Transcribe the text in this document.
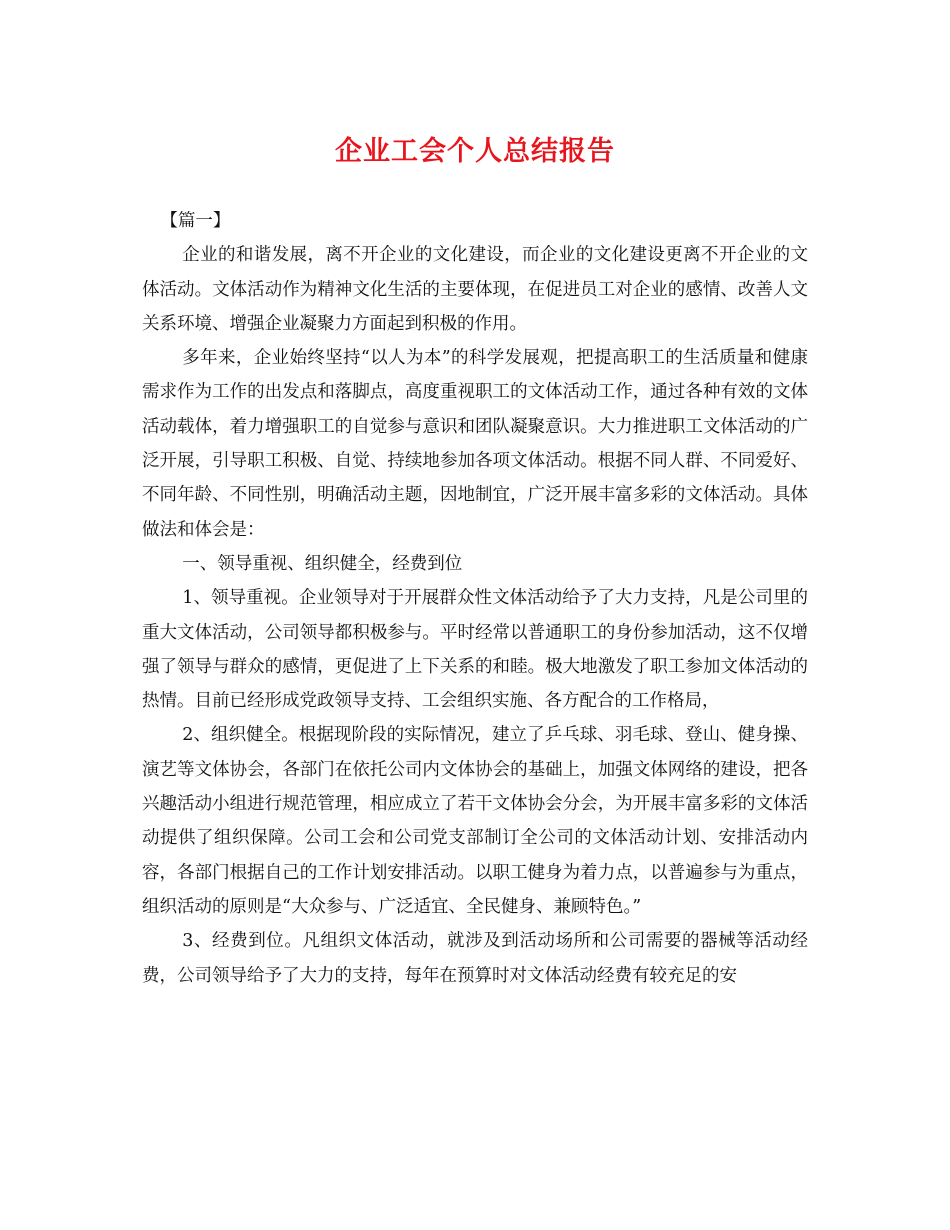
企业工会个人总结报告

【篇一】

企业的和谐发展，离不开企业的文化建设，而企业的文化建设更离不开企业的文体活动。文体活动作为精神文化生活的主要体现，在促进员工对企业的感情、改善人文关系环境、增强企业凝聚力方面起到积极的作用。

多年来，企业始终坚持“以人为本”的科学发展观，把提高职工的生活质量和健康需求作为工作的出发点和落脚点，高度重视职工的文体活动工作，通过各种有效的文体活动载体，着力增强职工的自觉参与意识和团队凝聚意识。大力推进职工文体活动的广泛开展，引导职工积极、自觉、持续地参加各项文体活动。根据不同人群、不同爱好、不同年龄、不同性别，明确活动主题，因地制宜，广泛开展丰富多彩的文体活动。具体做法和体会是：

一、领导重视、组织健全，经费到位

1、领导重视。企业领导对于开展群众性文体活动给予了大力支持，凡是公司里的重大文体活动，公司领导都积极参与。平时经常以普通职工的身份参加活动，这不仅增强了领导与群众的感情，更促进了上下关系的和睦。极大地激发了职工参加文体活动的热情。目前已经形成党政领导支持、工会组织实施、各方配合的工作格局，

2、组织健全。根据现阶段的实际情况，建立了乒乓球、羽毛球、登山、健身操、演艺等文体协会，各部门在依托公司内文体协会的基础上，加强文体网络的建设，把各兴趣活动小组进行规范管理，相应成立了若干文体协会分会，为开展丰富多彩的文体活动提供了组织保障。公司工会和公司党支部制订全公司的文体活动计划、安排活动内容，各部门根据自己的工作计划安排活动。以职工健身为着力点，以普遍参与为重点，组织活动的原则是“大众参与、广泛适宜、全民健身、兼顾特色。”

3、经费到位。凡组织文体活动，就涉及到活动场所和公司需要的器械等活动经费，公司领导给予了大力的支持，每年在预算时对文体活动经费有较充足的安
